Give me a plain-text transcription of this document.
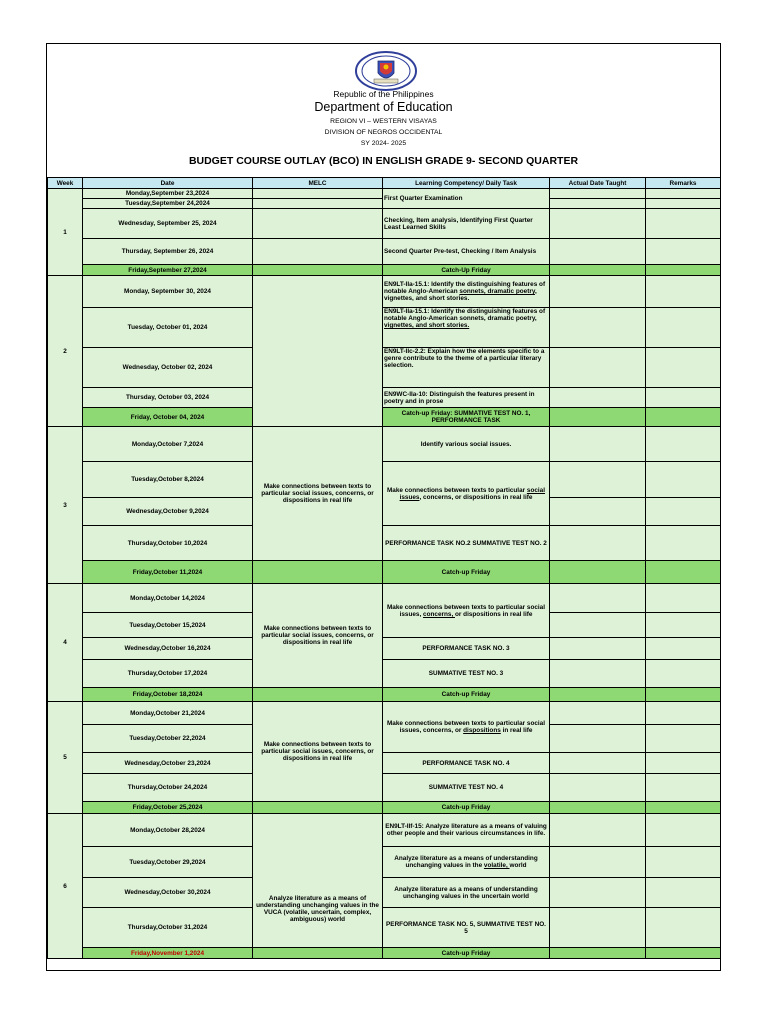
Republic of the Philippines
Department of Education
REGION VI – WESTERN VISAYAS
DIVISION OF NEGROS OCCIDENTAL
SY 2024- 2025
BUDGET COURSE OUTLAY (BCO) IN ENGLISH GRADE 9- SECOND QUARTER
Week	Date	MELC	Learning Competency/ Daily Task	Actual Date Taught	Remarks
1	Monday,September 23,2024		First Quarter Examination		
	Tuesday,September 24,2024				
	Wednesday, September 25, 2024		Checking, Item analysis, Identifying First Quarter Least Learned Skills		
	Thursday, September 26, 2024		Second Quarter Pre-test, Checking / Item Analysis		
	Friday,September 27,2024		Catch-Up Friday		
2	Monday, September 30, 2024		EN9LT-IIa-15.1: Identify the distinguishing features of notable Anglo-American sonnets, dramatic poetry, vignettes, and short stories.		
	Tuesday, October 01, 2024		EN9LT-IIa-15.1: Identify the distinguishing features of notable Anglo-American sonnets, dramatic poetry, vignettes, and short stories.		
	Wednesday, October 02, 2024		EN9LT-IIc-2.2: Explain how the elements specific to a genre contribute to the theme of a particular literary selection.		
	Thursday, October 03, 2024		EN9WC-IIa-10: Distinguish the features present in poetry and in prose		
	Friday, October 04, 2024		Catch-up Friday: SUMMATIVE TEST NO. 1, PERFORMANCE TASK		
3	Monday,October 7,2024	Make connections between texts to particular social issues, concerns, or dispositions in real life	Identify various social issues.		
	Tuesday,October 8,2024		Make connections between texts to particular social issues, concerns, or dispositions in real life		
	Wednesday,October 9,2024				
	Thursday,October 10,2024		PERFORMANCE TASK NO.2 SUMMATIVE TEST NO. 2		
	Friday,October 11,2024		Catch-up Friday		
4	Monday,October 14,2024	Make connections between texts to particular social issues, concerns, or dispositions in real life	Make connections between texts to particular social issues, concerns, or dispositions in real life		
	Tuesday,October 15,2024				
	Wednesday,October 16,2024		PERFORMANCE TASK NO. 3		
	Thursday,October 17,2024		SUMMATIVE TEST NO. 3		
	Friday,October 18,2024		Catch-up Friday		
5	Monday,October 21,2024	Make connections between texts to particular social issues, concerns, or dispositions in real life	Make connections between texts to particular social issues, concerns, or dispositions in real life		
	Tuesday,October 22,2024				
	Wednesday,October 23,2024		PERFORMANCE TASK NO. 4		
	Thursday,October 24,2024		SUMMATIVE TEST NO. 4		
	Friday,October 25,2024		Catch-up Friday		
6	Monday,October 28,2024	Analyze literature as a means of understanding unchanging values in the VUCA (volatile, uncertain, complex, ambiguous) world	EN9LT-IIf-15: Analyze literature as a means of valuing other people and their various circumstances in life.		
	Tuesday,October 29,2024		Analyze literature as a means of understanding unchanging values in the volatile, world		
	Wednesday,October 30,2024		Analyze literature as a means of understanding unchanging values in the uncertain world		
	Thursday,October 31,2024		PERFORMANCE TASK NO. 5, SUMMATIVE TEST NO. 5		
	Friday,November 1,2024		Catch-up Friday		
